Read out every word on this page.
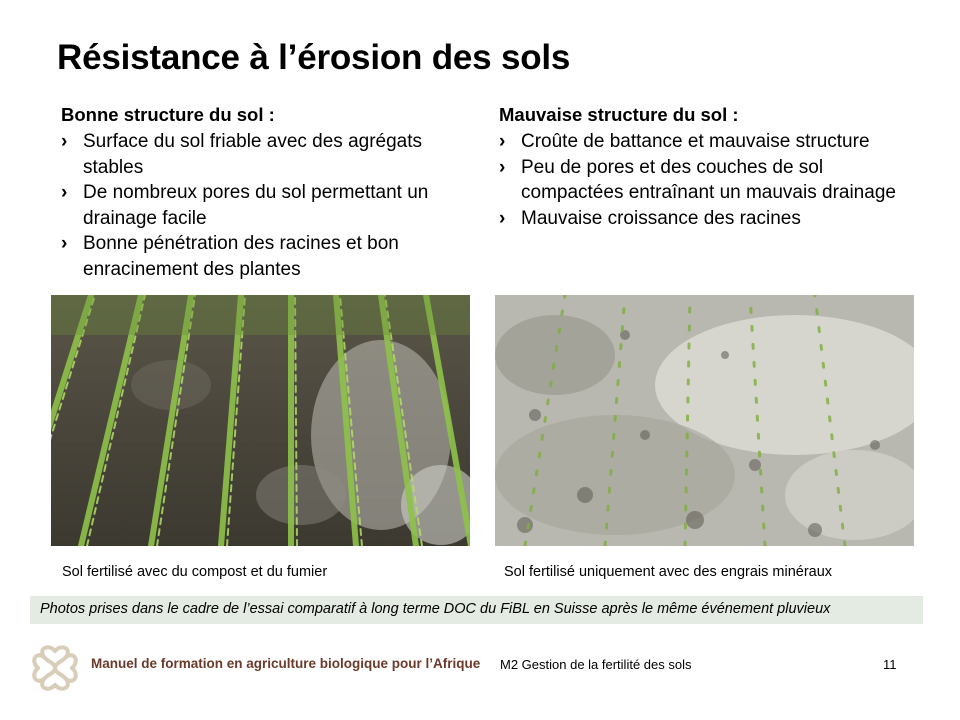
Résistance à l’érosion des sols
Bonne structure du sol :
› Surface du sol friable avec des agrégats stables
› De nombreux pores du sol permettant un drainage facile
› Bonne pénétration des racines et bon enracinement des plantes
Mauvaise structure du sol :
› Croûte de battance et mauvaise structure
› Peu de pores et des couches de sol compactées entraînant un mauvais drainage
› Mauvaise croissance des racines
Sol fertilisé avec du compost et du fumier	Sol fertilisé uniquement avec des engrais minéraux
Photos prises dans le cadre de l’essai comparatif à long terme DOC du FiBL en Suisse après le même événement pluvieux
Manuel de formation en agriculture biologique pour l’Afrique M2 Gestion de la fertilité des sols	11
